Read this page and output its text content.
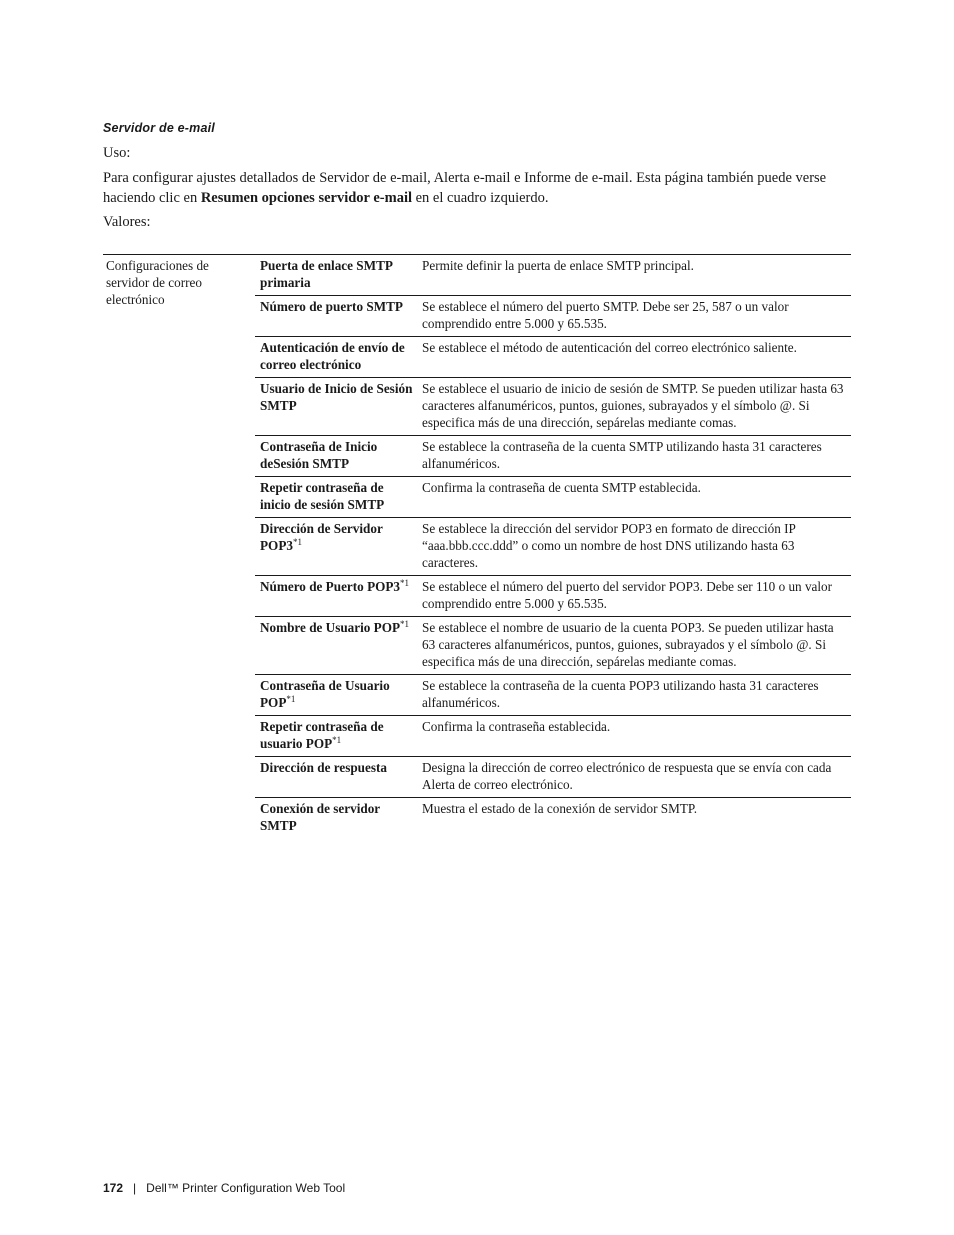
Servidor de e-mail
Uso:
Para configurar ajustes detallados de Servidor de e-mail, Alerta e-mail e Informe de e-mail. Esta página también puede verse haciendo clic en Resumen opciones servidor e-mail en el cuadro izquierdo.
Valores:
Configuraciones de servidor de correo electrónico	Puerta de enlace SMTP primaria	Permite definir la puerta de enlace SMTP principal.
	Número de puerto SMTP	Se establece el número del puerto SMTP. Debe ser 25, 587 o un valor comprendido entre 5.000 y 65.535.
	Autenticación de envío de correo electrónico	Se establece el método de autenticación del correo electrónico saliente.
	Usuario de Inicio de Sesión SMTP	Se establece el usuario de inicio de sesión de SMTP. Se pueden utilizar hasta 63 caracteres alfanuméricos, puntos, guiones, subrayados y el símbolo @. Si especifica más de una dirección, sepárelas mediante comas.
	Contraseña de Inicio deSesión SMTP	Se establece la contraseña de la cuenta SMTP utilizando hasta 31 caracteres alfanuméricos.
	Repetir contraseña de inicio de sesión SMTP	Confirma la contraseña de cuenta SMTP establecida.
	Dirección de Servidor POP3$^{*1}$	Se establece la dirección del servidor POP3 en formato de dirección IP “aaa.bbb.ccc.ddd” o como un nombre de host DNS utilizando hasta 63 caracteres.
	Número de Puerto POP3$^{*1}$	Se establece el número del puerto del servidor POP3. Debe ser 110 o un valor comprendido entre 5.000 y 65.535.
	Nombre de Usuario POP$^{*1}$	Se establece el nombre de usuario de la cuenta POP3. Se pueden utilizar hasta 63 caracteres alfanuméricos, puntos, guiones, subrayados y el símbolo @. Si especifica más de una dirección, sepárelas mediante comas.
	Contraseña de Usuario POP$^{*1}$	Se establece la contraseña de la cuenta POP3 utilizando hasta 31 caracteres alfanuméricos.
	Repetir contraseña de usuario POP$^{*1}$	Confirma la contraseña establecida.
	Dirección de respuesta	Designa la dirección de correo electrónico de respuesta que se envía con cada Alerta de correo electrónico.
	Conexión de servidor SMTP	Muestra el estado de la conexión de servidor SMTP.
172 | Dell™ Printer Configuration Web Tool
